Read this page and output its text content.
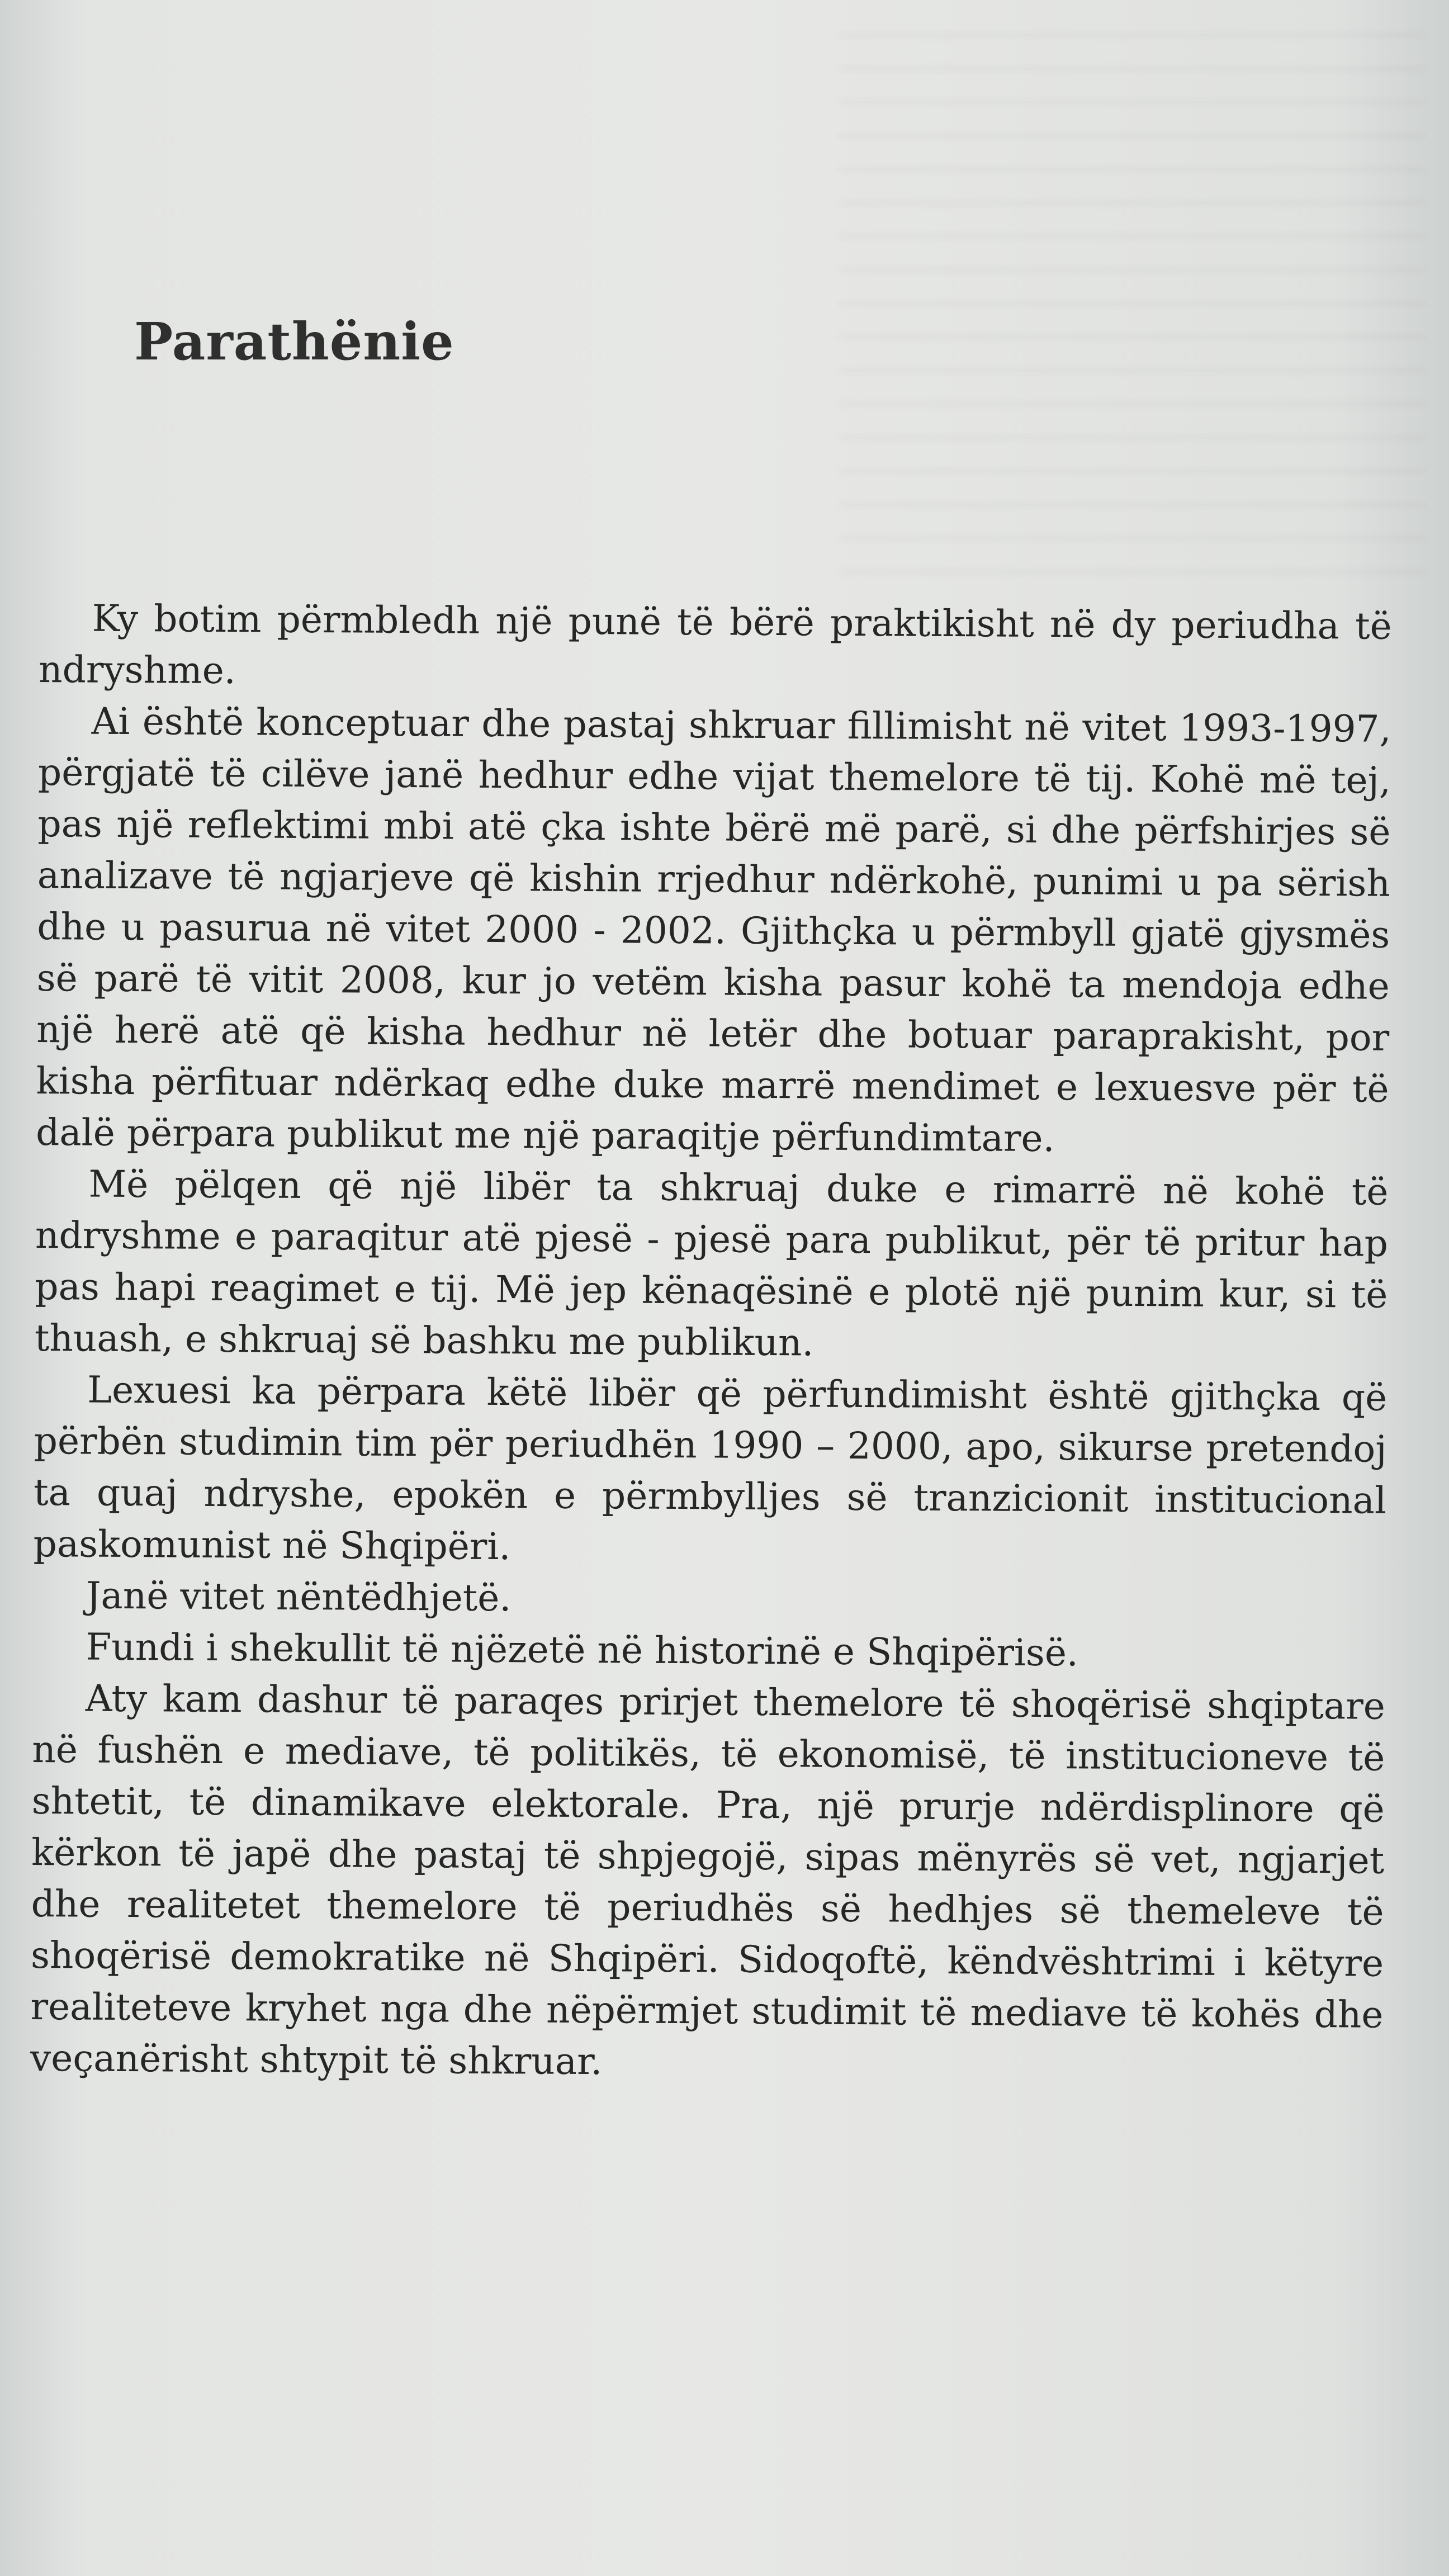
Parathënie

Ky botim përmbledh një punë të bërë praktikisht në dy periudha të ndryshme.

Ai është konceptuar dhe pastaj shkruar fillimisht në vitet 1993-1997, përgjatë të cilëve janë hedhur edhe vijat themelore të tij. Kohë më tej, pas një reflektimi mbi atë çka ishte bërë më parë, si dhe përfshirjes së analizave të ngjarjeve që kishin rrjedhur ndërkohë, punimi u pa sërish dhe u pasurua në vitet 2000 - 2002. Gjithçka u përmbyll gjatë gjysmës së parë të vitit 2008, kur jo vetëm kisha pasur kohë ta mendoja edhe një herë atë që kisha hedhur në letër dhe botuar paraprakisht, por kisha përfituar ndërkaq edhe duke marrë mendimet e lexuesve për të dalë përpara publikut me një paraqitje përfundimtare.

Më pëlqen që një libër ta shkruaj duke e rimarrë në kohë të ndryshme e paraqitur atë pjesë - pjesë para publikut, për të pritur hap pas hapi reagimet e tij. Më jep kënaqësinë e plotë një punim kur, si të thuash, e shkruaj së bashku me publikun.

Lexuesi ka përpara këtë libër që përfundimisht është gjithçka që përbën studimin tim për periudhën 1990 – 2000, apo, sikurse pretendoj ta quaj ndryshe, epokën e përmbylljes së tranzicionit institucional paskomunist në Shqipëri.

Janë vitet nëntëdhjetë.

Fundi i shekullit të njëzetë në historinë e Shqipërisë.

Aty kam dashur të paraqes prirjet themelore të shoqërisë shqiptare në fushën e mediave, të politikës, të ekonomisë, të institucioneve të shtetit, të dinamikave elektorale. Pra, një prurje ndërdisplinore që kërkon të japë dhe pastaj të shpjegojë, sipas mënyrës së vet, ngjarjet dhe realitetet themelore të periudhës së hedhjes së themeleve të shoqërisë demokratike në Shqipëri. Sidoqoftë, këndvështrimi i këtyre realiteteve kryhet nga dhe nëpërmjet studimit të mediave të kohës dhe veçanërisht shtypit të shkruar.
